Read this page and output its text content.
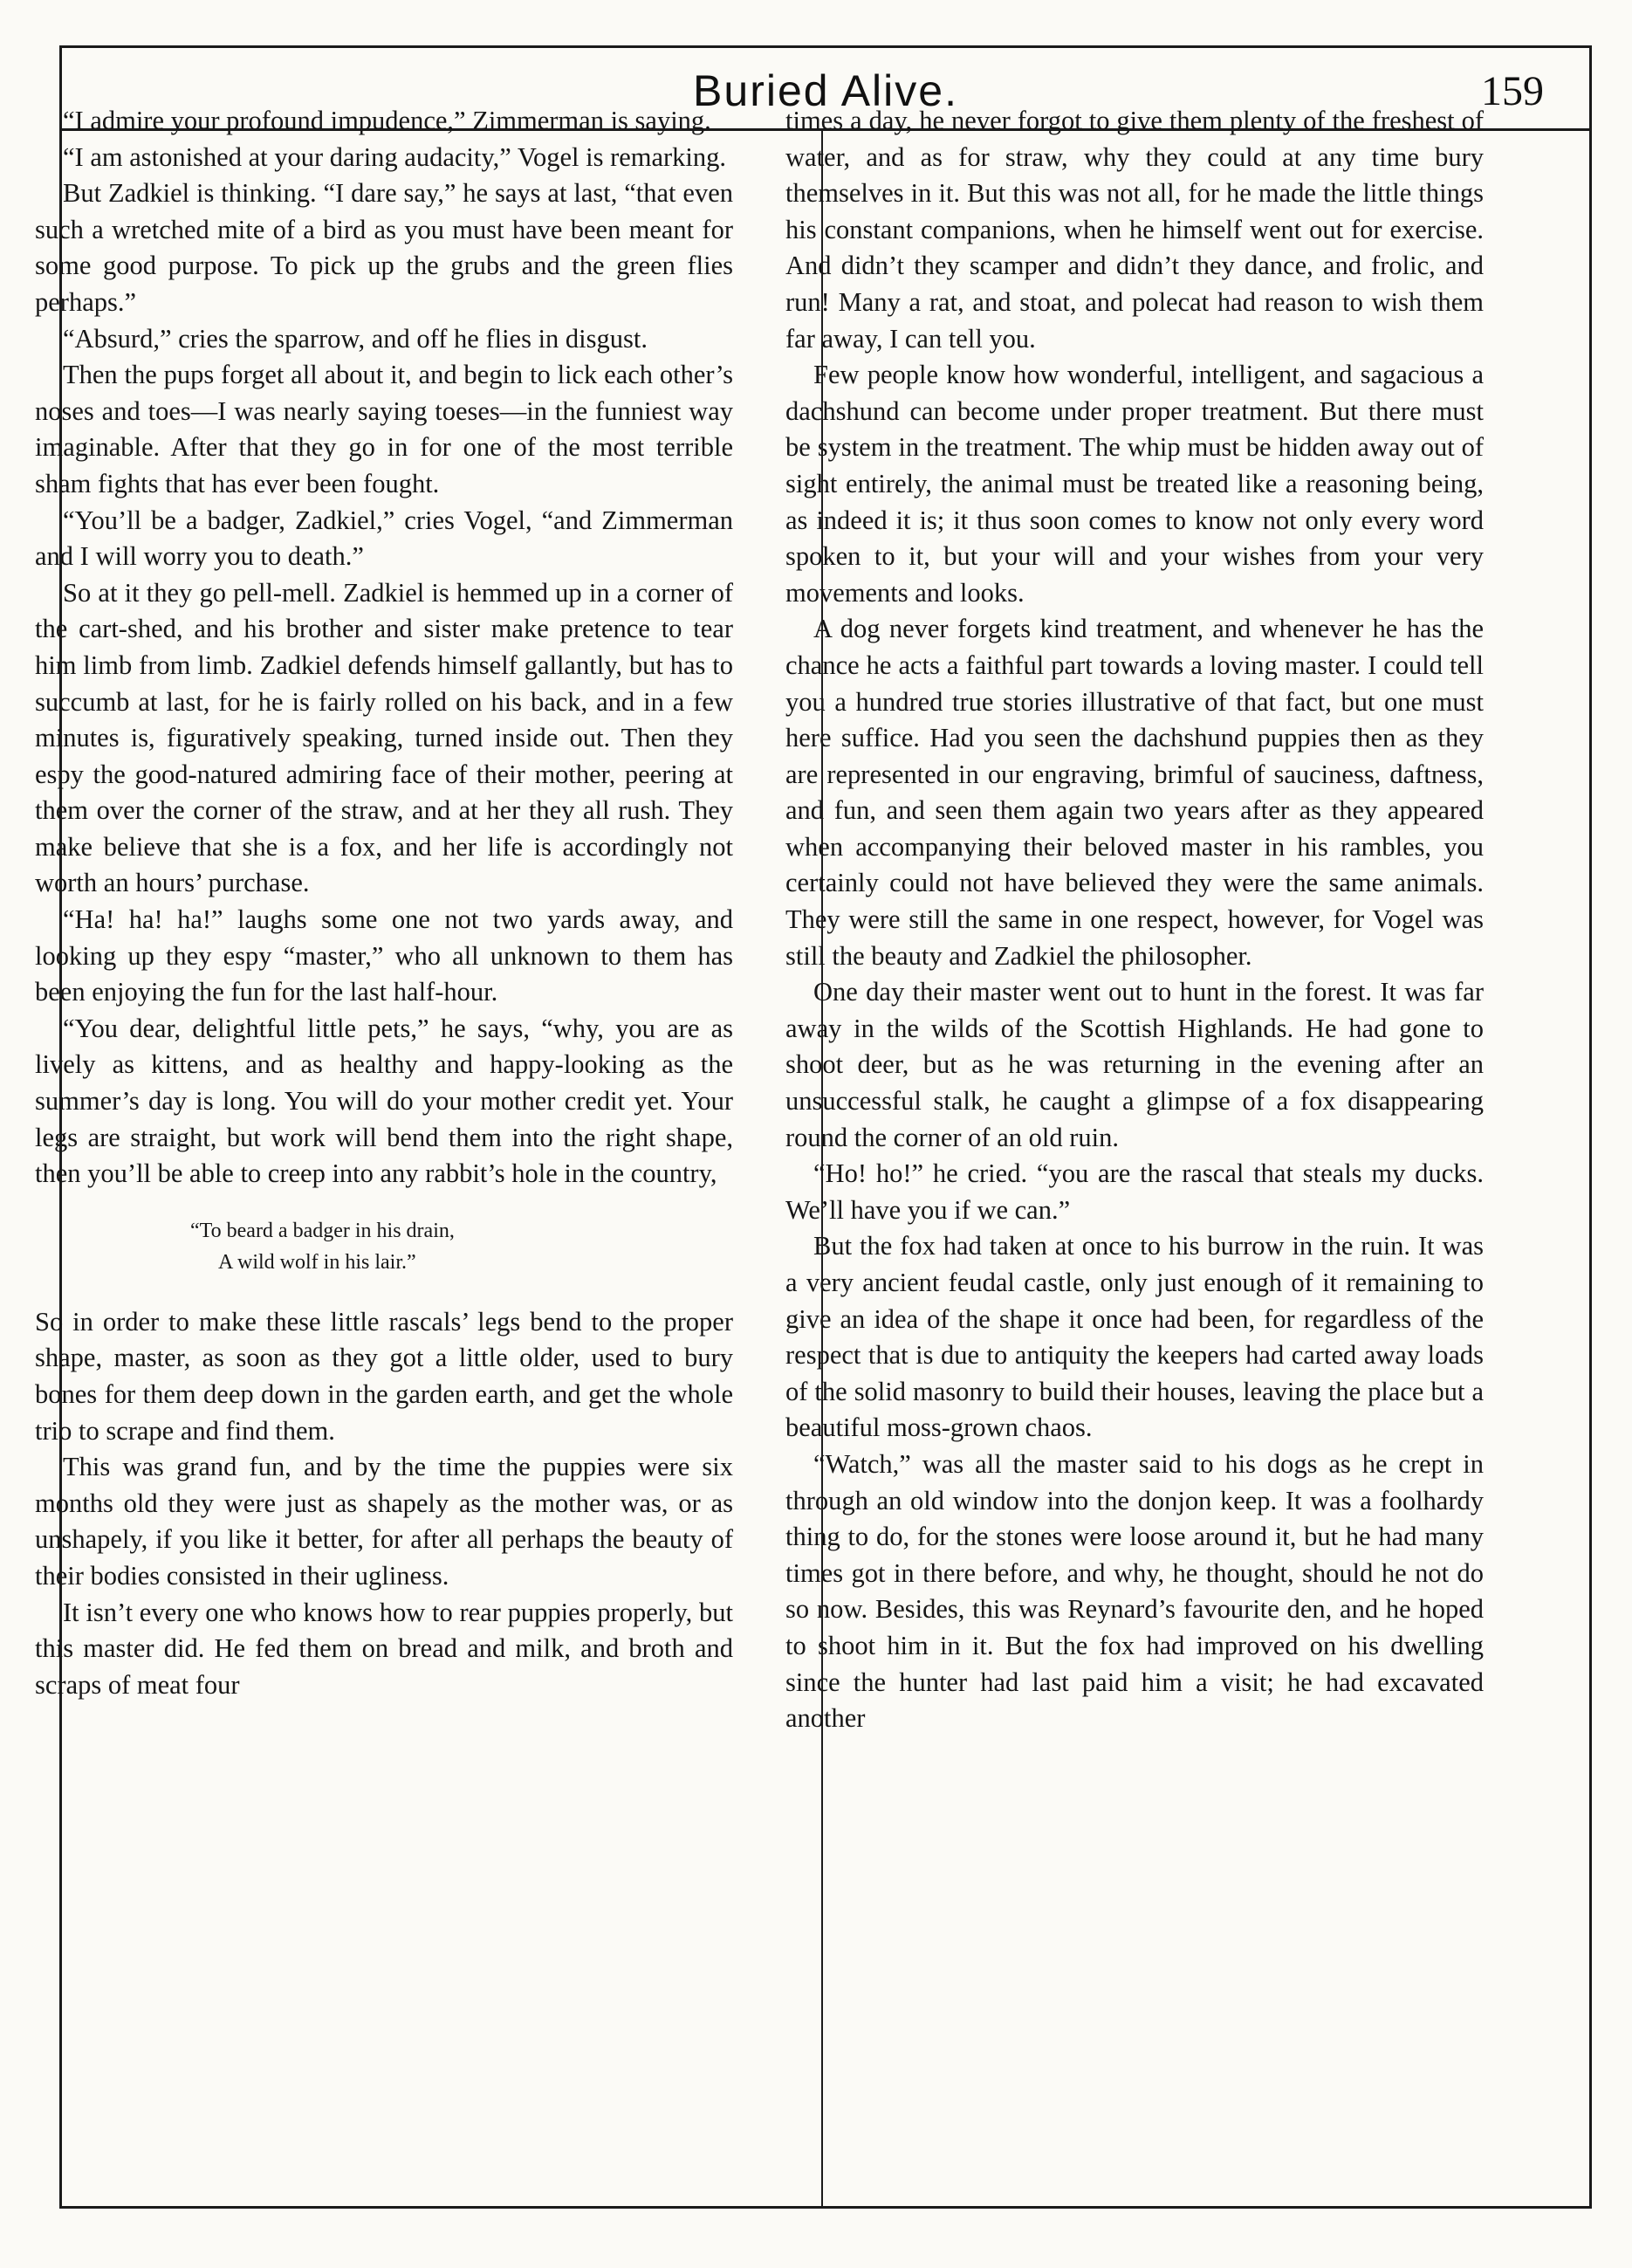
Buried Alive.	159

“I admire your profound impudence,” Zimmerman is saying.

“I am astonished at your daring audacity,” Vogel is remarking.

But Zadkiel is thinking. “I dare say,” he says at last, “that even such a wretched mite of a bird as you must have been meant for some good purpose. To pick up the grubs and the green flies perhaps.”

“Absurd,” cries the sparrow, and off he flies in disgust.

Then the pups forget all about it, and begin to lick each other’s noses and toes—I was nearly saying toeses—in the funniest way imaginable. After that they go in for one of the most terrible sham fights that has ever been fought.

“You’ll be a badger, Zadkiel,” cries Vogel, “and Zimmerman and I will worry you to death.”

So at it they go pell-mell. Zadkiel is hemmed up in a corner of the cart-shed, and his brother and sister make pretence to tear him limb from limb. Zadkiel defends himself gallantly, but has to succumb at last, for he is fairly rolled on his back, and in a few minutes is, figuratively speaking, turned inside out. Then they espy the good-natured admiring face of their mother, peering at them over the corner of the straw, and at her they all rush. They make believe that she is a fox, and her life is accordingly not worth an hours’ purchase.

“Ha! ha! ha!” laughs some one not two yards away, and looking up they espy “master,” who all unknown to them has been enjoying the fun for the last half-hour.

“You dear, delightful little pets,” he says, “why, you are as lively as kittens, and as healthy and happy-looking as the summer’s day is long. You will do your mother credit yet. Your legs are straight, but work will bend them into the right shape, then you’ll be able to creep into any rabbit’s hole in the country,

“To beard a badger in his drain,
A wild wolf in his lair.”

So in order to make these little rascals’ legs bend to the proper shape, master, as soon as they got a little older, used to bury bones for them deep down in the garden earth, and get the whole trio to scrape and find them.

This was grand fun, and by the time the puppies were six months old they were just as shapely as the mother was, or as unshapely, if you like it better, for after all perhaps the beauty of their bodies consisted in their ugliness.

It isn’t every one who knows how to rear puppies properly, but this master did. He fed them on bread and milk, and broth and scraps of meat four

times a day, he never forgot to give them plenty of the freshest of water, and as for straw, why they could at any time bury themselves in it. But this was not all, for he made the little things his constant companions, when he himself went out for exercise. And didn’t they scamper and didn’t they dance, and frolic, and run! Many a rat, and stoat, and polecat had reason to wish them far away, I can tell you.

Few people know how wonderful, intelligent, and sagacious a dachshund can become under proper treatment. But there must be system in the treatment. The whip must be hidden away out of sight entirely, the animal must be treated like a reasoning being, as indeed it is; it thus soon comes to know not only every word spoken to it, but your will and your wishes from your very movements and looks.

A dog never forgets kind treatment, and whenever he has the chance he acts a faithful part towards a loving master. I could tell you a hundred true stories illustrative of that fact, but one must here suffice. Had you seen the dachshund puppies then as they are represented in our engraving, brimful of sauciness, daftness, and fun, and seen them again two years after as they appeared when accompanying their beloved master in his rambles, you certainly could not have believed they were the same animals. They were still the same in one respect, however, for Vogel was still the beauty and Zadkiel the philosopher.

One day their master went out to hunt in the forest. It was far away in the wilds of the Scottish Highlands. He had gone to shoot deer, but as he was returning in the evening after an unsuccessful stalk, he caught a glimpse of a fox disappearing round the corner of an old ruin.

“Ho! ho!” he cried. “you are the rascal that steals my ducks. We’ll have you if we can.”

But the fox had taken at once to his burrow in the ruin. It was a very ancient feudal castle, only just enough of it remaining to give an idea of the shape it once had been, for regardless of the respect that is due to antiquity the keepers had carted away loads of the solid masonry to build their houses, leaving the place but a beautiful moss-grown chaos.

“Watch,” was all the master said to his dogs as he crept in through an old window into the donjon keep. It was a foolhardy thing to do, for the stones were loose around it, but he had many times got in there before, and why, he thought, should he not do so now. Besides, this was Reynard’s favourite den, and he hoped to shoot him in it. But the fox had improved on his dwelling since the hunter had last paid him a visit; he had excavated another
